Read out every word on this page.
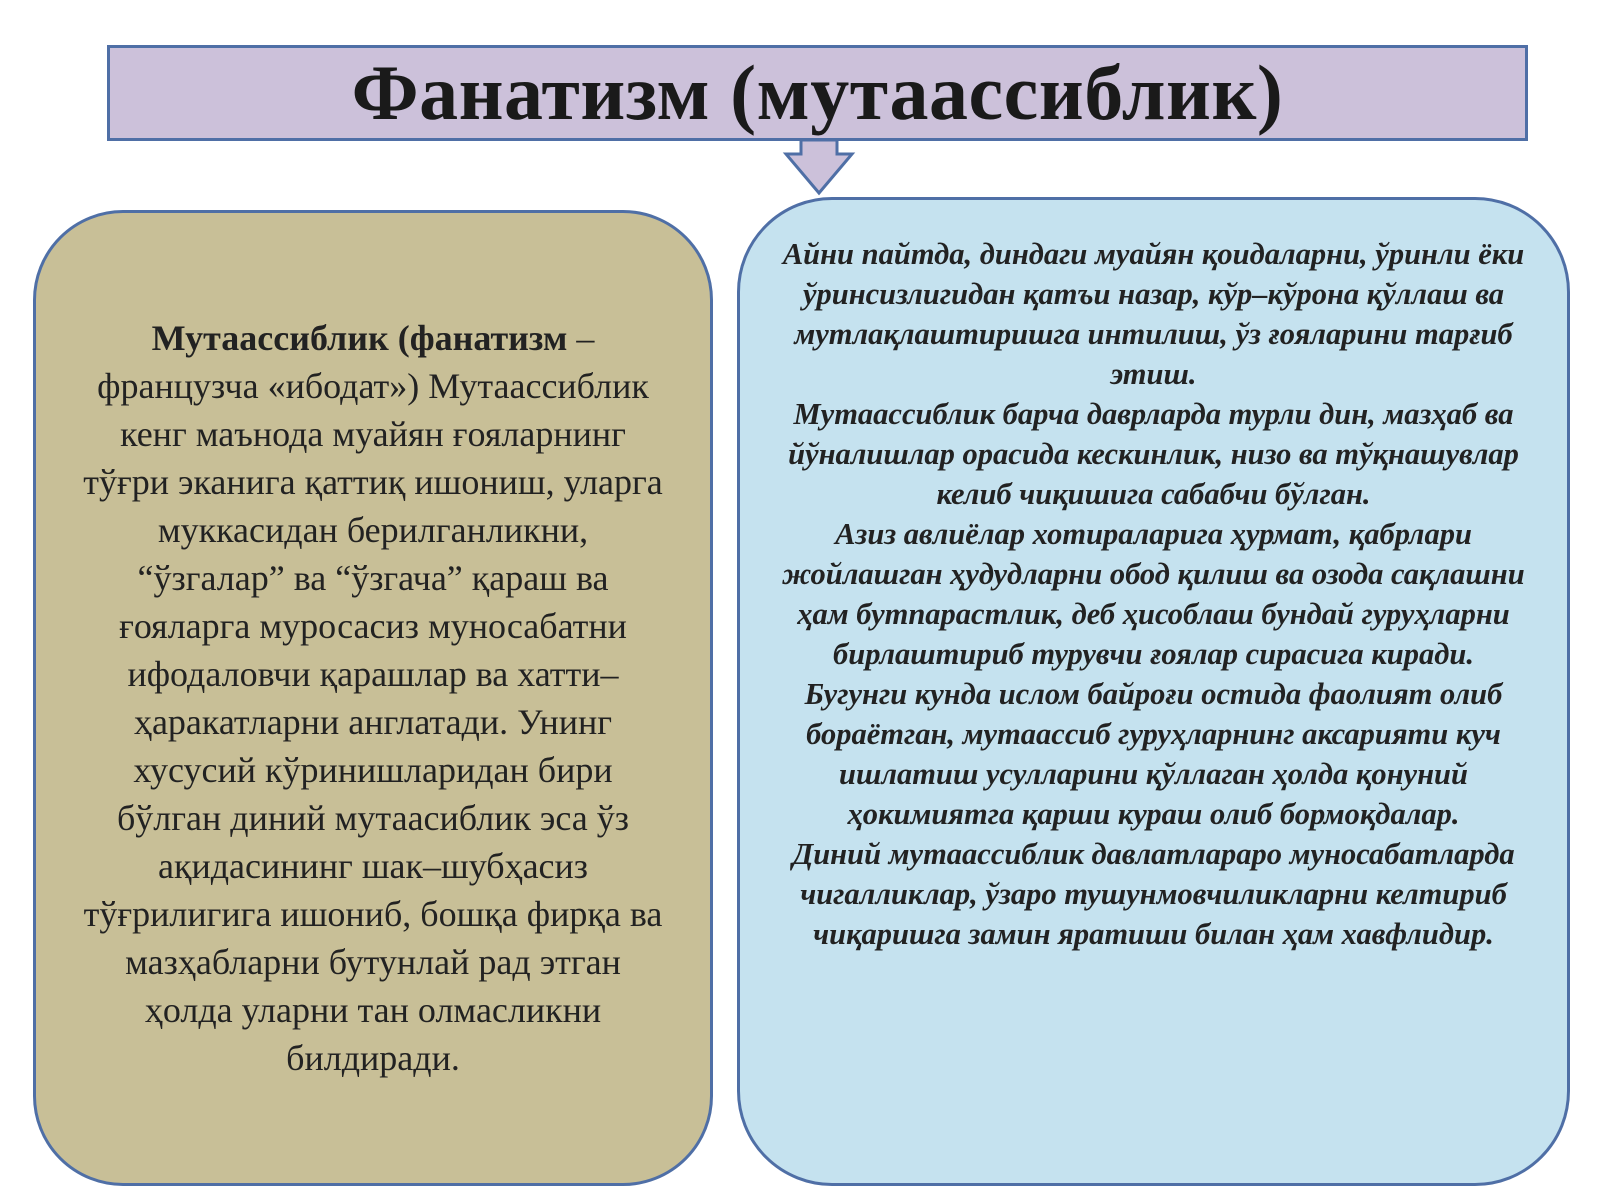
Фанатизм (мутаассиблик)

Мутаассиблик (фанатизм – французча «ибодат») Мутаассиблик кенг маънода муайян ғояларнинг тўғри эканига қаттиқ ишониш, уларга муккасидан берилганликни, “ўзгалар” ва “ўзгача” қараш ва ғояларга муросасиз муносабатни ифодаловчи қарашлар ва хатти–ҳаракатларни англатади. Унинг хусусий кўринишларидан бири бўлган диний мутаасиблик эса ўз ақидасининг шак–шубҳасиз тўғрилигига ишониб, бошқа фирқа ва мазҳабларни бутунлай рад этган ҳолда уларни тан олмасликни билдиради.

Айни пайтда, диндаги муайян қоидаларни, ўринли ёки ўринсизлигидан қатъи назар, кўр–кўрона қўллаш ва мутлақлаштиришга интилиш, ўз ғояларини тарғиб этиш.
Мутаассиблик барча даврларда турли дин, мазҳаб ва йўналишлар орасида кескинлик, низо ва тўқнашувлар келиб чиқишига сабабчи бўлган.
Азиз авлиёлар хотираларига ҳурмат, қабрлари жойлашган ҳудудларни обод қилиш ва озода сақлашни ҳам бутпарастлик, деб ҳисоблаш бундай гуруҳларни бирлаштириб турувчи ғоялар сирасига киради.
Бугунги кунда ислом байроғи остида фаолият олиб бораётган, мутаассиб гуруҳларнинг аксарияти куч ишлатиш усулларини қўллаган ҳолда қонуний ҳокимиятга қарши кураш олиб бормоқдалар.
Диний мутаассиблик давлатлараро муносабатларда чигалликлар, ўзаро тушунмовчиликларни келтириб чиқаришга замин яратиши билан ҳам хавфлидир.
